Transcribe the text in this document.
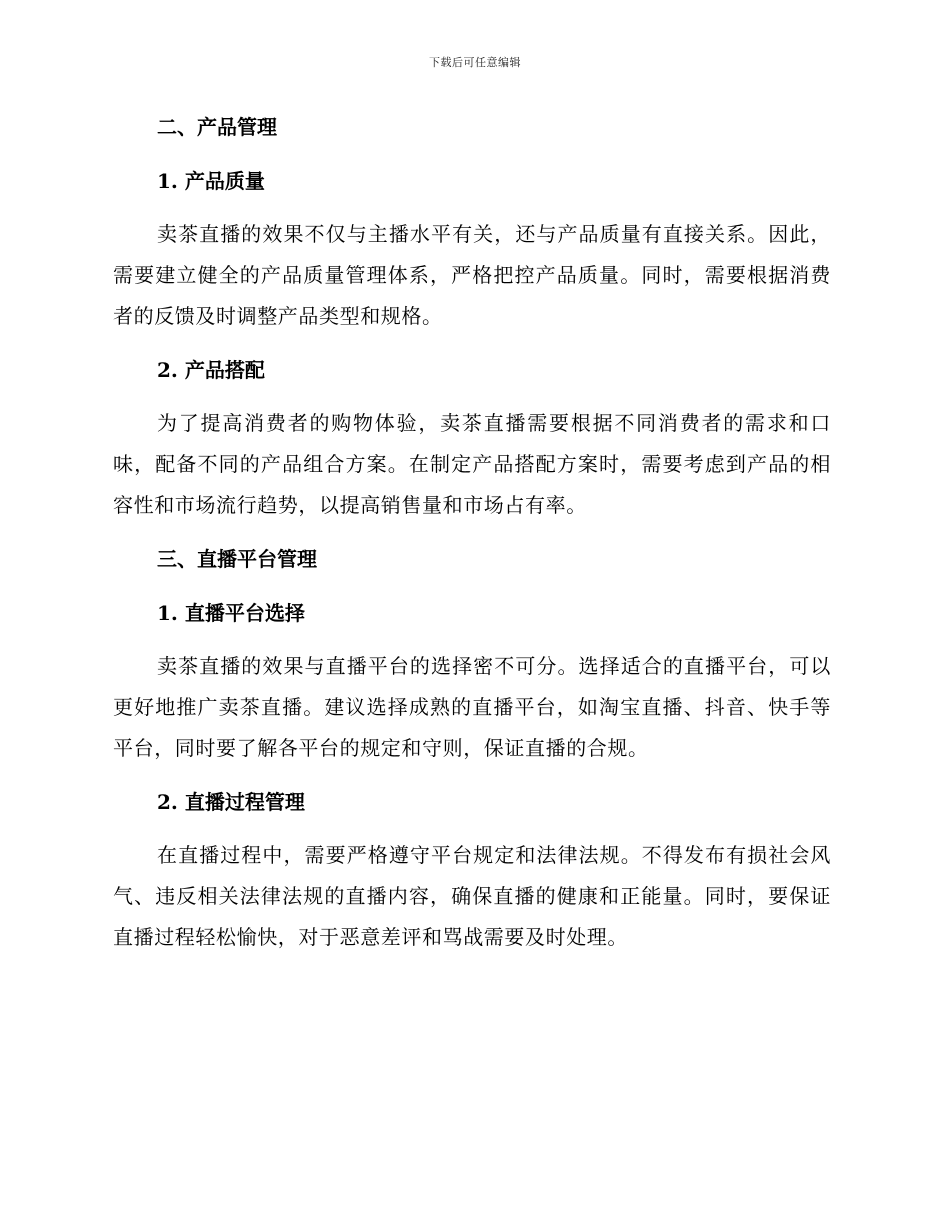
下载后可任意编辑
二、产品管理
1. 产品质量

卖茶直播的效果不仅与主播水平有关，还与产品质量有直接关系。因此，需要建立健全的产品质量管理体系，严格把控产品质量。同时，需要根据消费者的反馈及时调整产品类型和规格。

2. 产品搭配

为了提高消费者的购物体验，卖茶直播需要根据不同消费者的需求和口味，配备不同的产品组合方案。在制定产品搭配方案时，需要考虑到产品的相容性和市场流行趋势，以提高销售量和市场占有率。

三、直播平台管理
1. 直播平台选择

卖茶直播的效果与直播平台的选择密不可分。选择适合的直播平台，可以更好地推广卖茶直播。建议选择成熟的直播平台，如淘宝直播、抖音、快手等平台，同时要了解各平台的规定和守则，保证直播的合规。

2. 直播过程管理

在直播过程中，需要严格遵守平台规定和法律法规。不得发布有损社会风气、违反相关法律法规的直播内容，确保直播的健康和正能量。同时，要保证直播过程轻松愉快，对于恶意差评和骂战需要及时处理。
